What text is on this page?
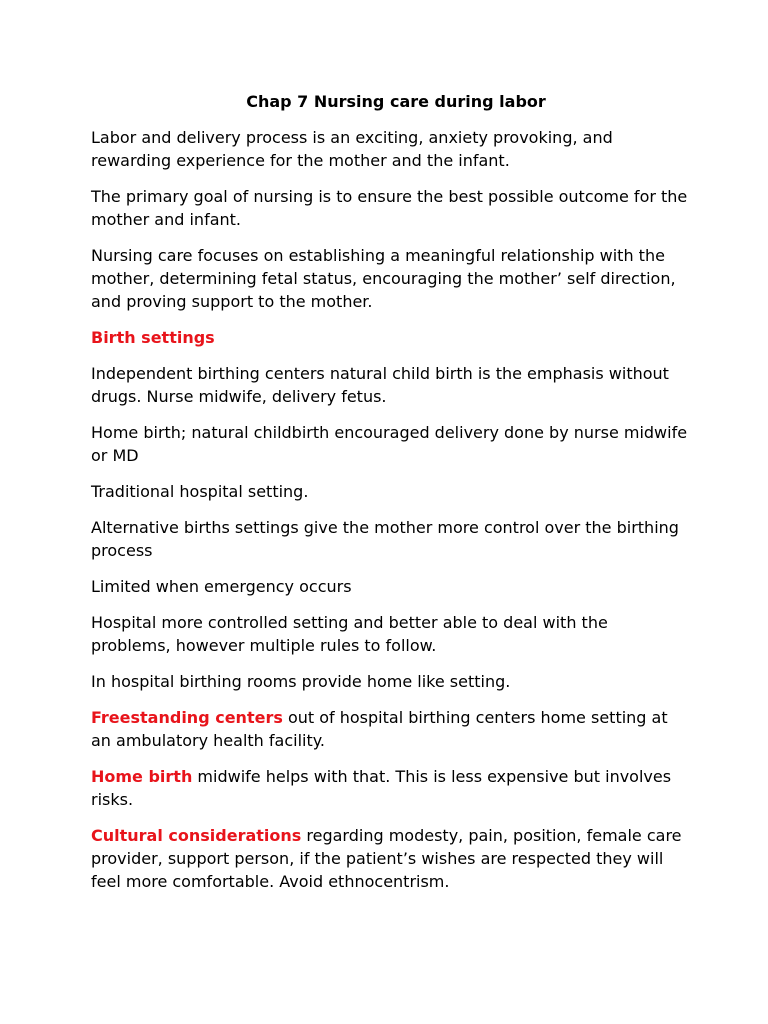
Chap 7 Nursing care during labor

Labor and delivery process is an exciting, anxiety provoking, and rewarding experience for the mother and the infant.

The primary goal of nursing is to ensure the best possible outcome for the mother and infant.

Nursing care focuses on establishing a meaningful relationship with the mother, determining fetal status, encouraging the mother’ self direction, and proving support to the mother.

Birth settings

Independent birthing centers natural child birth is the emphasis without drugs. Nurse midwife, delivery fetus.

Home birth; natural childbirth encouraged delivery done by nurse midwife or MD

Traditional hospital setting.

Alternative births settings give the mother more control over the birthing process

Limited when emergency occurs

Hospital more controlled setting and better able to deal with the problems, however multiple rules to follow.

In hospital birthing rooms provide home like setting.

Freestanding centers out of hospital birthing centers home setting at an ambulatory health facility.

Home birth midwife helps with that. This is less expensive but involves risks.

Cultural considerations regarding modesty, pain, position, female care provider, support person, if the patient’s wishes are respected they will feel more comfortable. Avoid ethnocentrism.
